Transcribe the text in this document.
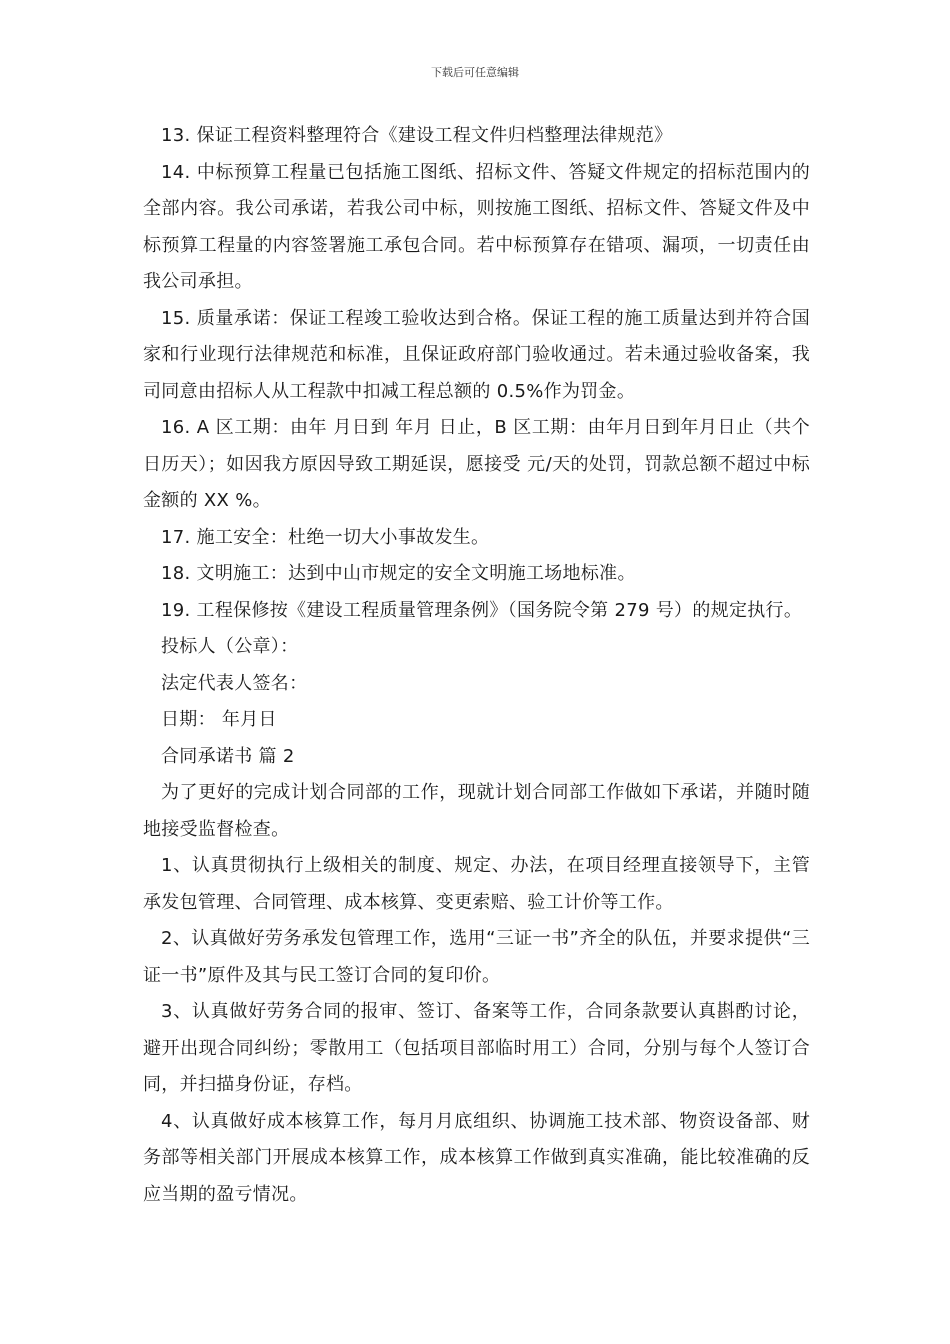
下载后可任意编辑

13. 保证工程资料整理符合《建设工程文件归档整理法律规范》

14. 中标预算工程量已包括施工图纸、招标文件、答疑文件规定的招标范围内的全部内容。我公司承诺，若我公司中标，则按施工图纸、招标文件、答疑文件及中标预算工程量的内容签署施工承包合同。若中标预算存在错项、漏项，一切责任由我公司承担。

15. 质量承诺：保证工程竣工验收达到合格。保证工程的施工质量达到并符合国家和行业现行法律规范和标准，且保证政府部门验收通过。若未通过验收备案，我司同意由招标人从工程款中扣减工程总额的 0.5%作为罚金。

16. A 区工期：由年 月日到 年月 日止，B 区工期：由年月日到年月日止（共个日历天）；如因我方原因导致工期延误，愿接受 元/天的处罚，罚款总额不超过中标金额的 XX %。

17. 施工安全：杜绝一切大小事故发生。

18. 文明施工：达到中山市规定的安全文明施工场地标准。

19. 工程保修按《建设工程质量管理条例》（国务院令第 279 号）的规定执行。

投标人（公章）：

法定代表人签名：

日期： 年月日

合同承诺书 篇 2

为了更好的完成计划合同部的工作，现就计划合同部工作做如下承诺，并随时随地接受监督检查。

1、认真贯彻执行上级相关的制度、规定、办法，在项目经理直接领导下，主管承发包管理、合同管理、成本核算、变更索赔、验工计价等工作。

2、认真做好劳务承发包管理工作，选用“三证一书”齐全的队伍，并要求提供“三证一书”原件及其与民工签订合同的复印价。

3、认真做好劳务合同的报审、签订、备案等工作，合同条款要认真斟酌讨论，避开出现合同纠纷；零散用工（包括项目部临时用工）合同，分别与每个人签订合同，并扫描身份证，存档。

4、认真做好成本核算工作，每月月底组织、协调施工技术部、物资设备部、财务部等相关部门开展成本核算工作，成本核算工作做到真实准确，能比较准确的反应当期的盈亏情况。
